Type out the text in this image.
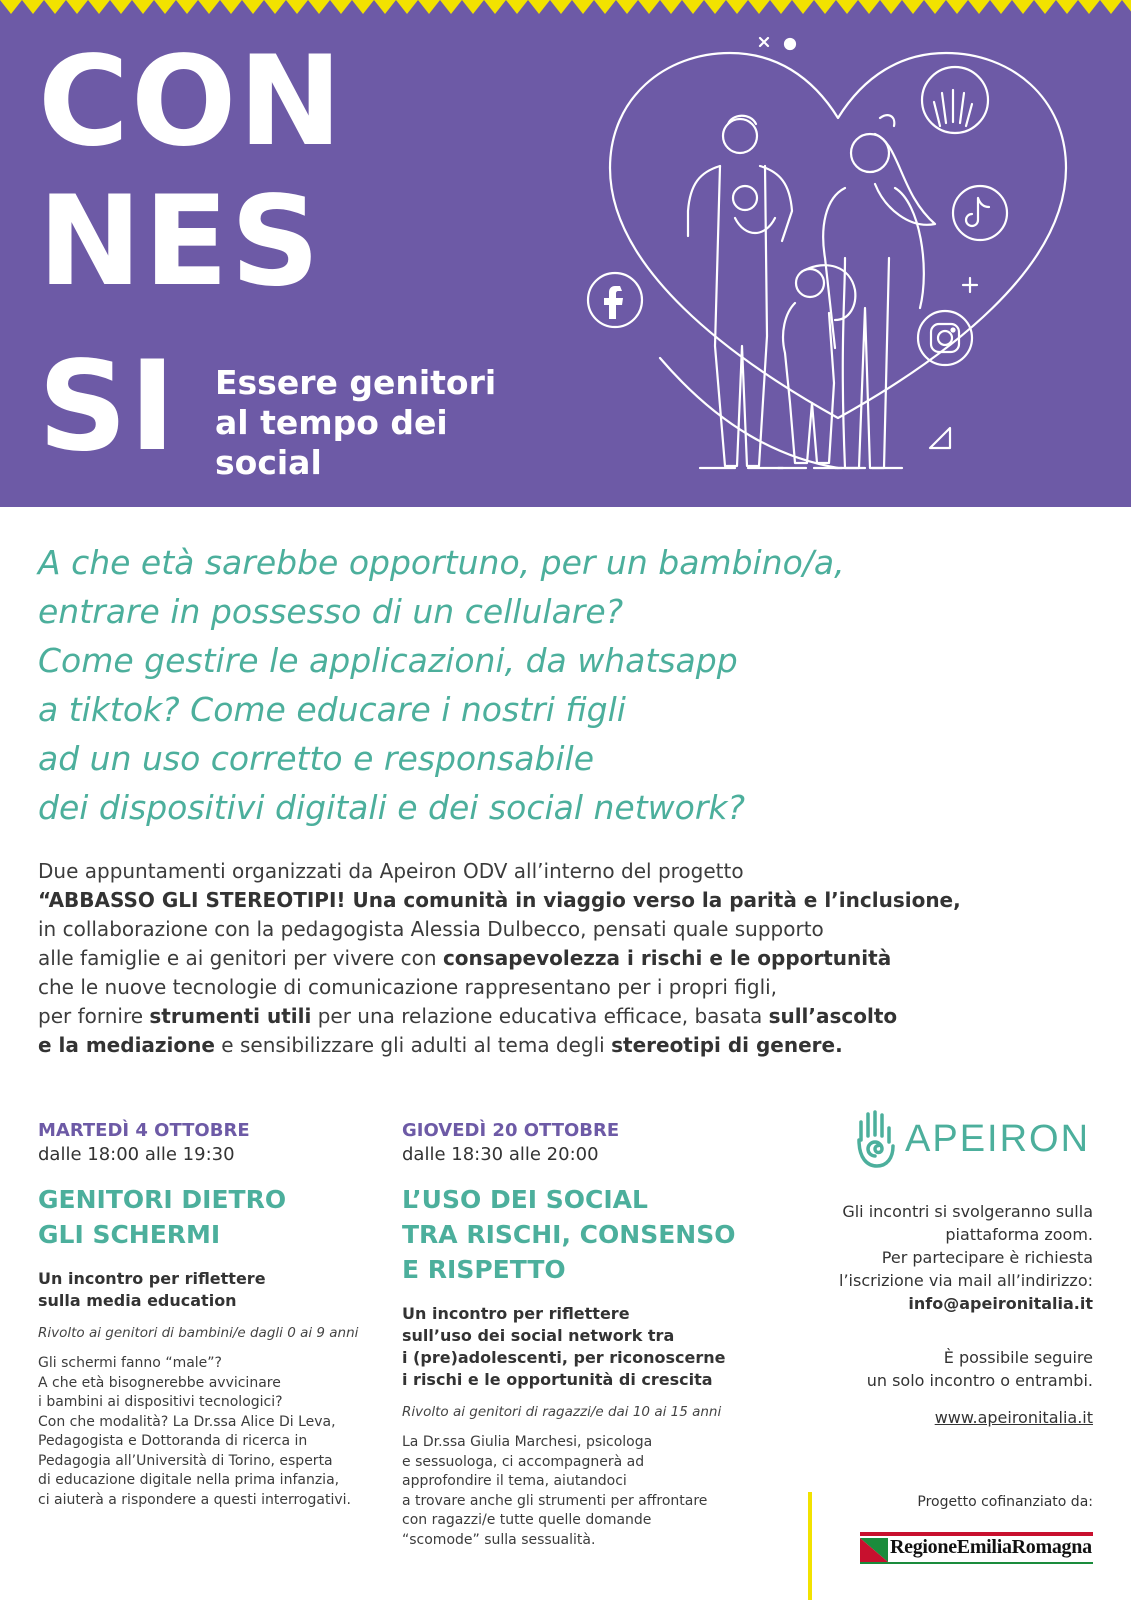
CON
NES
SI Essere genitori
al tempo dei
social
A che età sarebbe opportuno, per un bambino/a,
entrare in possesso di un cellulare?
Come gestire le applicazioni, da whatsapp
a tiktok? Come educare i nostri figli
ad un uso corretto e responsabile
dei dispositivi digitali e dei social network?
Due appuntamenti organizzati da Apeiron ODV all’interno del progetto
“ABBASSO GLI STEREOTIPI! Una comunità in viaggio verso la parità e l’inclusione,
in collaborazione con la pedagogista Alessia Dulbecco, pensati quale supporto
alle famiglie e ai genitori per vivere con consapevolezza i rischi e le opportunità
che le nuove tecnologie di comunicazione rappresentano per i propri figli,
per fornire strumenti utili per una relazione educativa efficace, basata sull’ascolto
e la mediazione e sensibilizzare gli adulti al tema degli stereotipi di genere.
MARTEDÌ 4 OTTOBRE
dalle 18:00 alle 19:30
GENITORI DIETRO
GLI SCHERMI
Un incontro per riflettere
sulla media education
Rivolto ai genitori di bambini/e dagli 0 ai 9 anni
Gli schermi fanno “male”?
A che età bisognerebbe avvicinare
i bambini ai dispositivi tecnologici?
Con che modalità? La Dr.ssa Alice Di Leva,
Pedagogista e Dottoranda di ricerca in
Pedagogia all’Università di Torino, esperta
di educazione digitale nella prima infanzia,
ci aiuterà a rispondere a questi interrogativi.
GIOVEDÌ 20 OTTOBRE
dalle 18:30 alle 20:00
L’USO DEI SOCIAL
TRA RISCHI, CONSENSO
E RISPETTO
Un incontro per riflettere
sull’uso dei social network tra
i (pre)adolescenti, per riconoscerne
i rischi e le opportunità di crescita
Rivolto ai genitori di ragazzi/e dai 10 ai 15 anni
La Dr.ssa Giulia Marchesi, psicologa
e sessuologa, ci accompagnerà ad
approfondire il tema, aiutandoci
a trovare anche gli strumenti per affrontare
con ragazzi/e tutte quelle domande
“scomode” sulla sessualità.
APEIRON
Gli incontri si svolgeranno sulla
piattaforma zoom.
Per partecipare è richiesta
l’iscrizione via mail all’indirizzo:
info@apeironitalia.it
È possibile seguire
un solo incontro o entrambi.
www.apeironitalia.it
Progetto cofinanziato da:
RegioneEmiliaRomagna
